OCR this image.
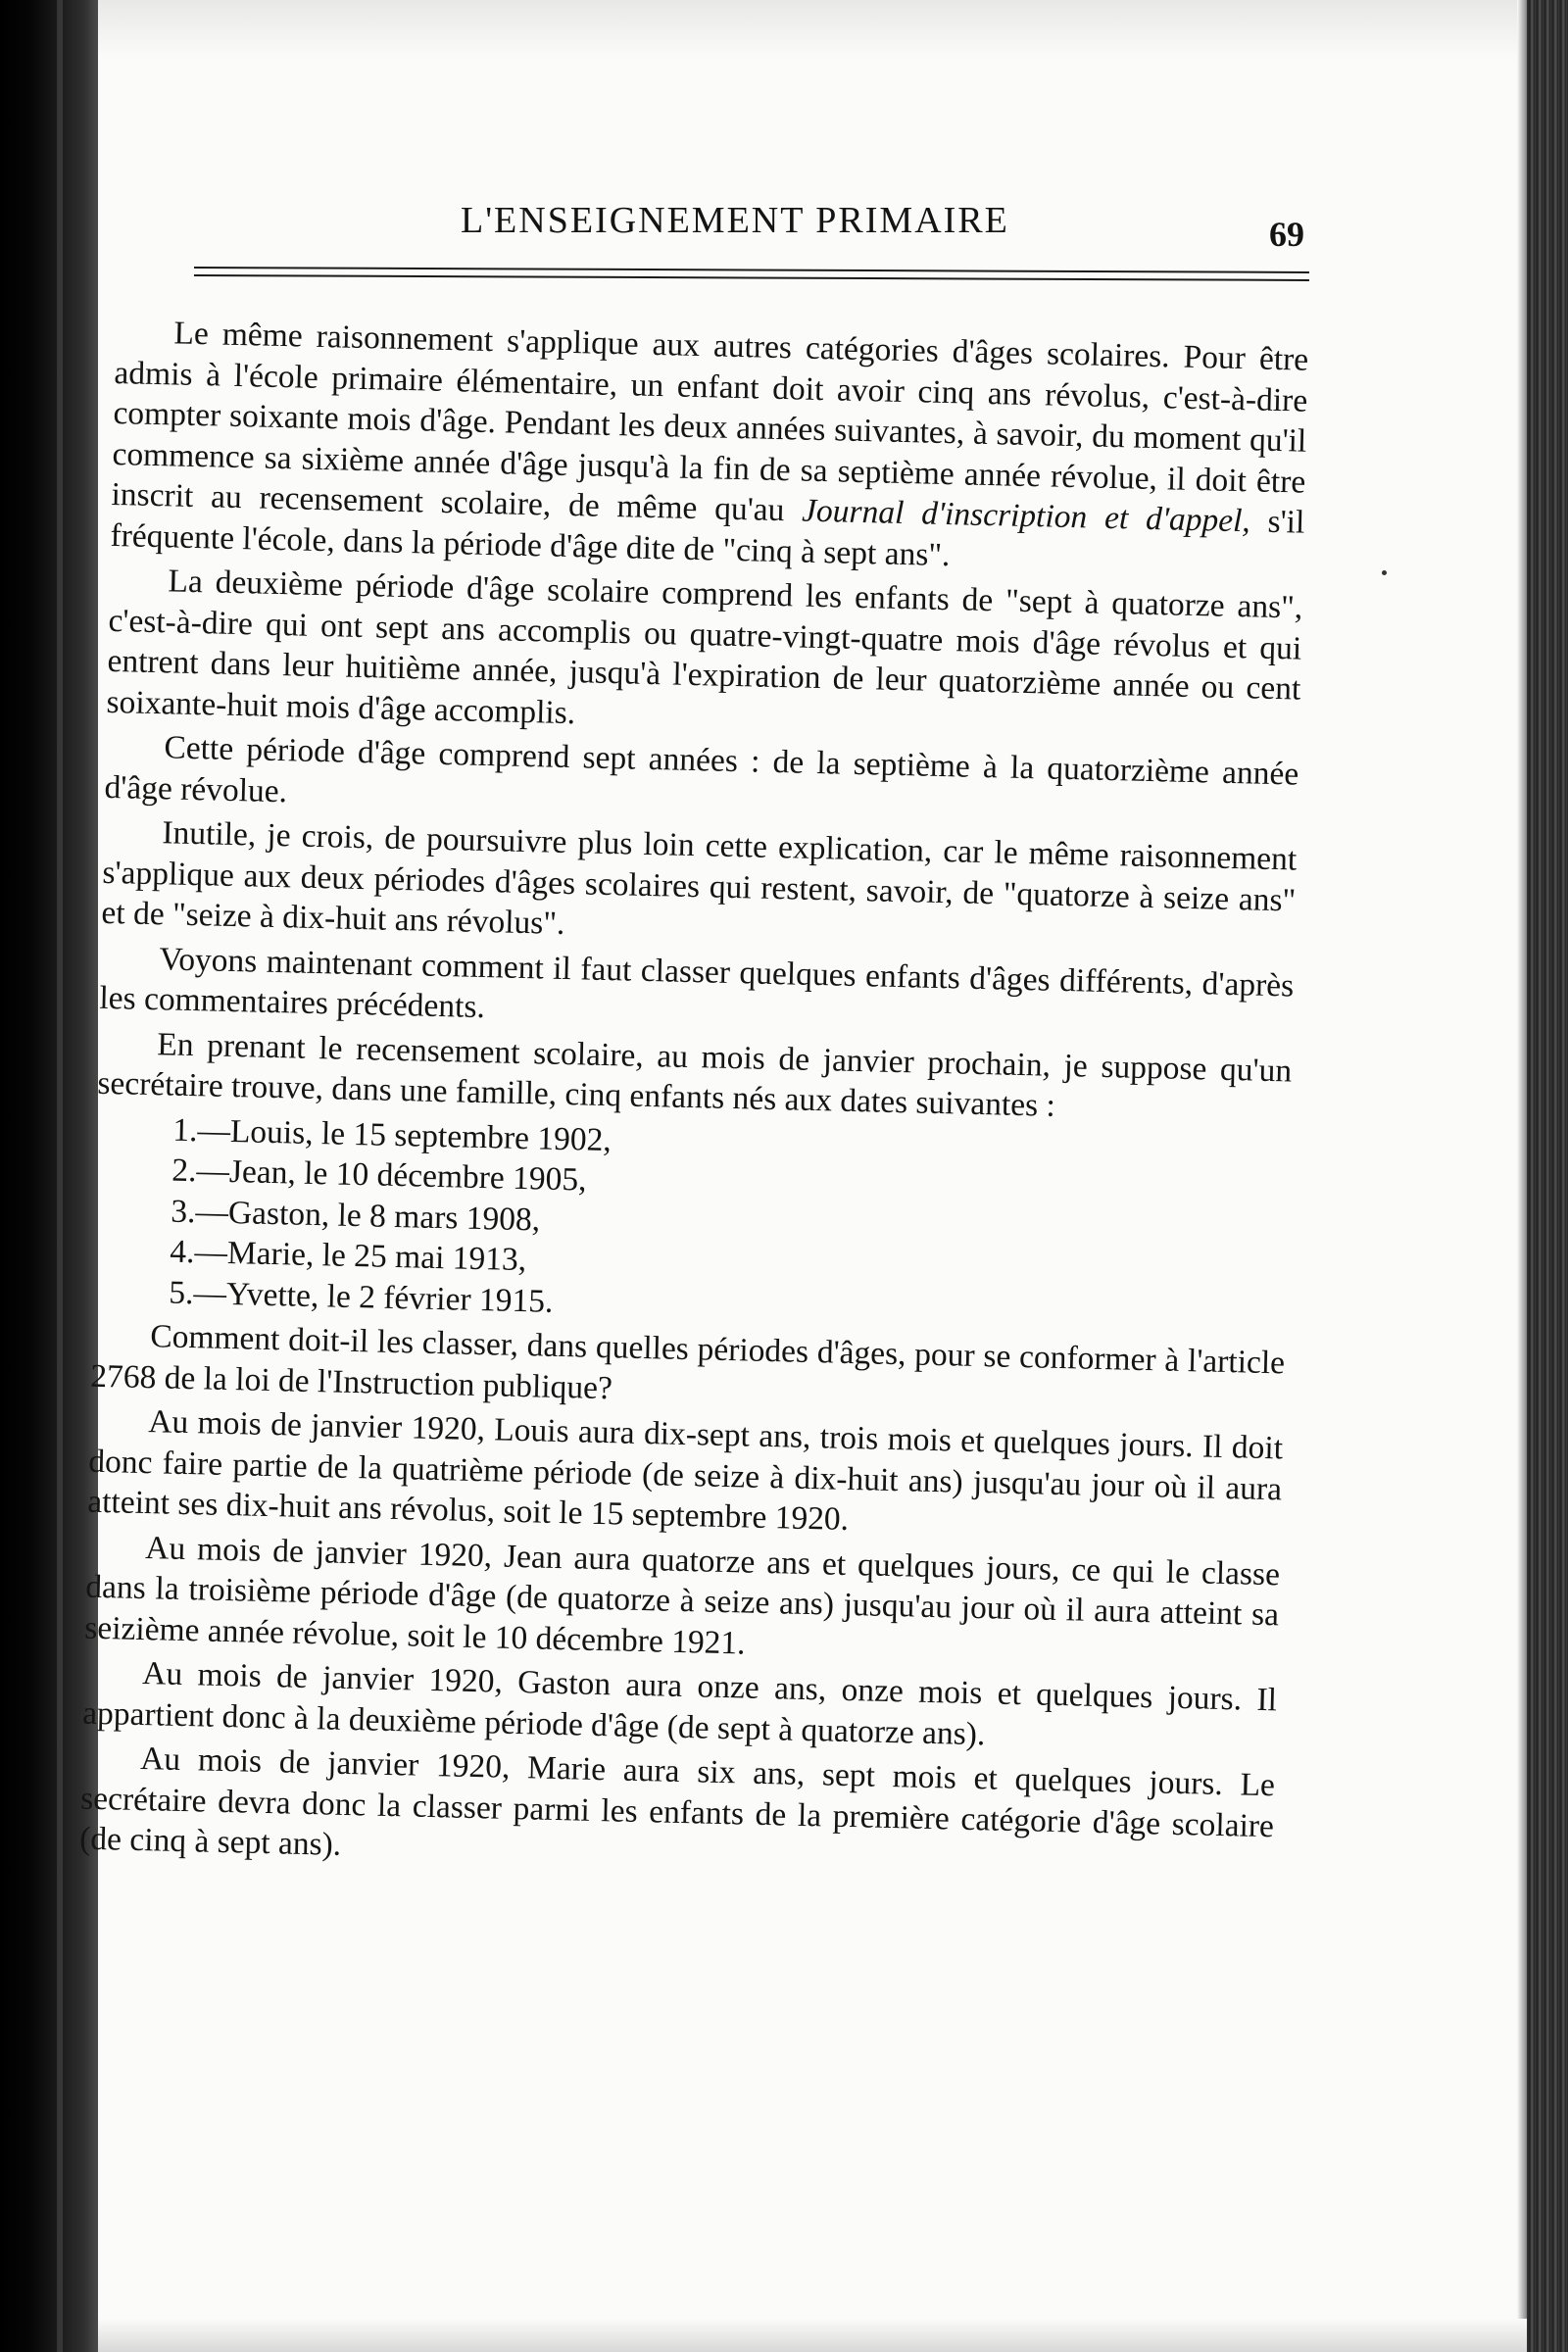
L'ENSEIGNEMENT PRIMAIRE	69

Le même raisonnement s'applique aux autres catégories d'âges scolaires. Pour être admis à l'école primaire élémentaire, un enfant doit avoir cinq ans révolus, c'est-à-dire compter soixante mois d'âge. Pendant les deux années suivantes, à savoir, du moment qu'il commence sa sixième année d'âge jusqu'à la fin de sa septième année révolue, il doit être inscrit au recensement scolaire, de même qu'au Journal d'inscription et d'appel, s'il fréquente l'école, dans la période d'âge dite de "cinq à sept ans".

La deuxième période d'âge scolaire comprend les enfants de "sept à quatorze ans", c'est-à-dire qui ont sept ans accomplis ou quatre-vingt-quatre mois d'âge révolus et qui entrent dans leur huitième année, jusqu'à l'expiration de leur quatorzième année ou cent soixante-huit mois d'âge accomplis.

Cette période d'âge comprend sept années : de la septième à la quatorzième année d'âge révolue.

Inutile, je crois, de poursuivre plus loin cette explication, car le même raisonnement s'applique aux deux périodes d'âges scolaires qui restent, savoir, de "quatorze à seize ans" et de "seize à dix-huit ans révolus".

Voyons maintenant comment il faut classer quelques enfants d'âges différents, d'après les commentaires précédents.

En prenant le recensement scolaire, au mois de janvier prochain, je suppose qu'un secrétaire trouve, dans une famille, cinq enfants nés aux dates suivantes :

1.—Louis, le 15 septembre 1902,
2.—Jean, le 10 décembre 1905,
3.—Gaston, le 8 mars 1908,
4.—Marie, le 25 mai 1913,
5.—Yvette, le 2 février 1915.

Comment doit-il les classer, dans quelles périodes d'âges, pour se conformer à l'article 2768 de la loi de l'Instruction publique?

Au mois de janvier 1920, Louis aura dix-sept ans, trois mois et quelques jours. Il doit donc faire partie de la quatrième période (de seize à dix-huit ans) jusqu'au jour où il aura atteint ses dix-huit ans révolus, soit le 15 septembre 1920.

Au mois de janvier 1920, Jean aura quatorze ans et quelques jours, ce qui le classe dans la troisième période d'âge (de quatorze à seize ans) jusqu'au jour où il aura atteint sa seizième année révolue, soit le 10 décembre 1921.

Au mois de janvier 1920, Gaston aura onze ans, onze mois et quelques jours. Il appartient donc à la deuxième période d'âge (de sept à quatorze ans).

Au mois de janvier 1920, Marie aura six ans, sept mois et quelques jours. Le secrétaire devra donc la classer parmi les enfants de la première catégorie d'âge scolaire (de cinq à sept ans).
